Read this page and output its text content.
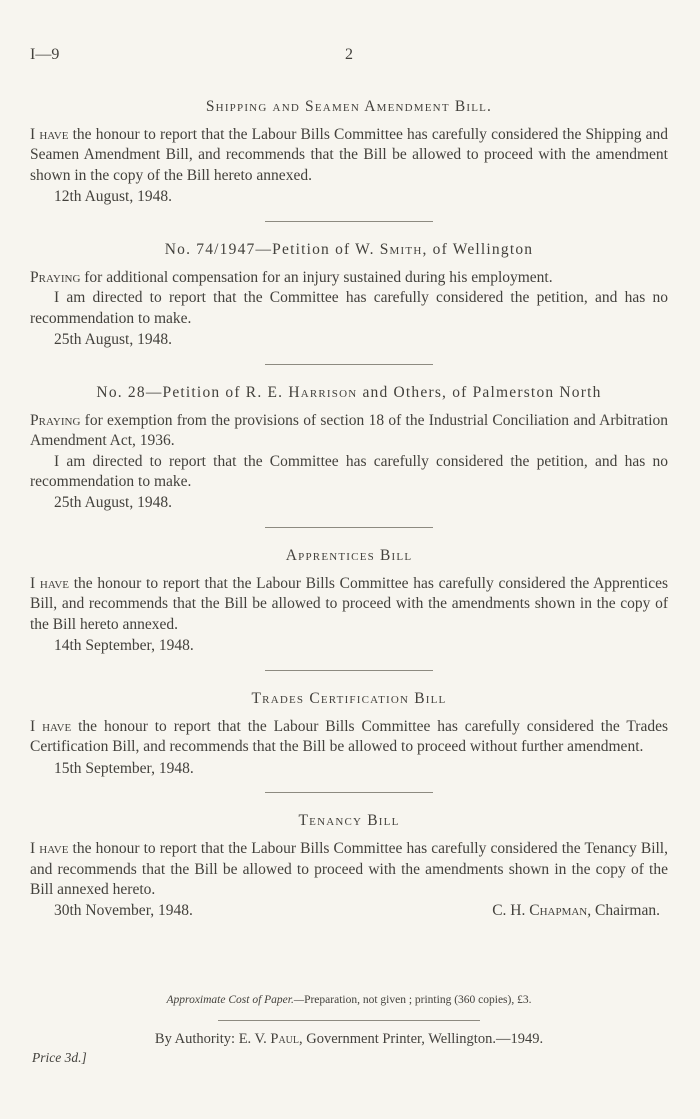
I—9	2
Shipping and Seamen Amendment Bill.

I have the honour to report that the Labour Bills Committee has carefully considered the Shipping and Seamen Amendment Bill, and recommends that the Bill be allowed to proceed with the amendment shown in the copy of the Bill hereto annexed.

12th August, 1948.

No. 74/1947—Petition of W. Smith, of Wellington

Praying for additional compensation for an injury sustained during his employment.

I am directed to report that the Committee has carefully considered the petition, and has no recommendation to make.

25th August, 1948.

No. 28—Petition of R. E. Harrison and Others, of Palmerston North

Praying for exemption from the provisions of section 18 of the Industrial Conciliation and Arbitration Amendment Act, 1936.

I am directed to report that the Committee has carefully considered the petition, and has no recommendation to make.

25th August, 1948.

Apprentices Bill

I have the honour to report that the Labour Bills Committee has carefully considered the Apprentices Bill, and recommends that the Bill be allowed to proceed with the amendments shown in the copy of the Bill hereto annexed.

14th September, 1948.

Trades Certification Bill

I have the honour to report that the Labour Bills Committee has carefully considered the Trades Certification Bill, and recommends that the Bill be allowed to proceed without further amendment.

15th September, 1948.

Tenancy Bill

I have the honour to report that the Labour Bills Committee has carefully considered the Tenancy Bill, and recommends that the Bill be allowed to proceed with the amendments shown in the copy of the Bill annexed hereto.

30th November, 1948.	C. H. Chapman, Chairman.

Approximate Cost of Paper.—Preparation, not given ; printing (360 copies), £3.

By Authority: E. V. Paul, Government Printer, Wellington.—1949.

Price 3d.]
